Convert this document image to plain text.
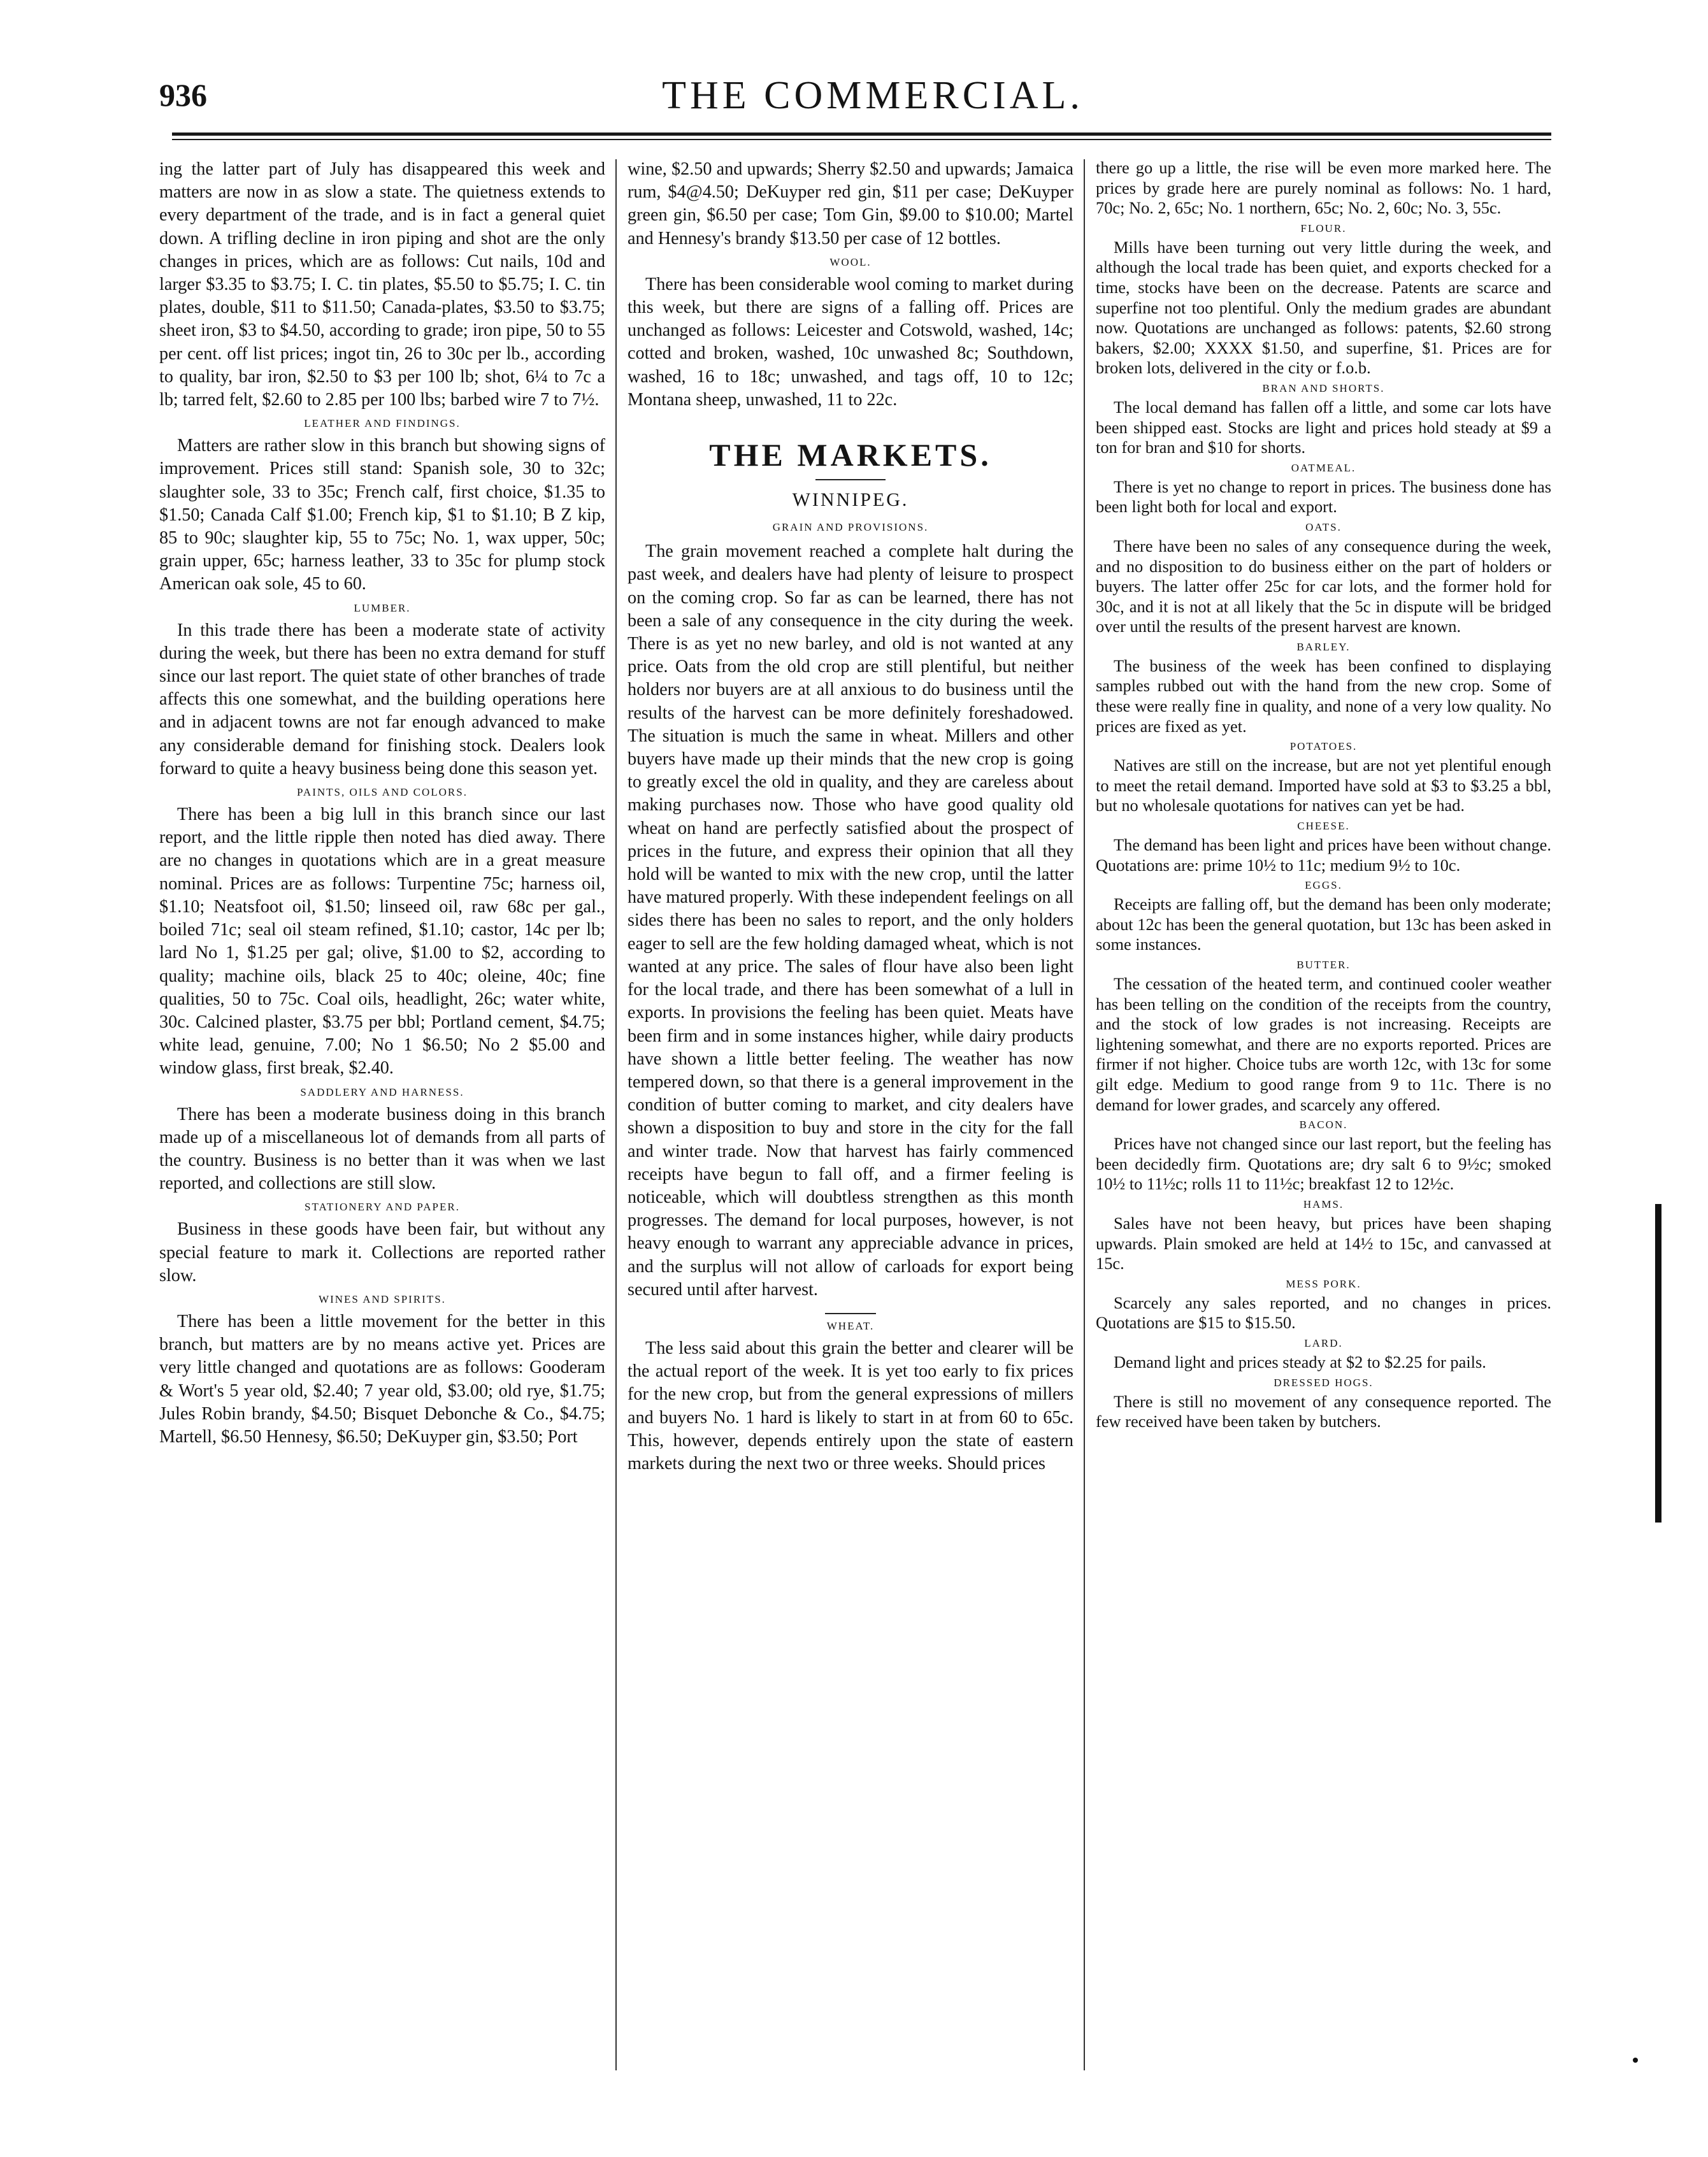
936	THE COMMERCIAL.

ing the latter part of July has disappeared this week and matters are now in as slow a state. The quietness extends to every department of the trade, and is in fact a general quiet down. A trifling decline in iron piping and shot are the only changes in prices, which are as follows: Cut nails, 10d and larger $3.35 to $3.75; I. C. tin plates, $5.50 to $5.75; I. C. tin plates, double, $11 to $11.50; Canada-plates, $3.50 to $3.75; sheet iron, $3 to $4.50, according to grade; iron pipe, 50 to 55 per cent. off list prices; ingot tin, 26 to 30c per lb., according to quality, bar iron, $2.50 to $3 per 100 lb; shot, 6¼ to 7c a lb; tarred felt, $2.60 to 2.85 per 100 lbs; barbed wire 7 to 7½.

LEATHER AND FINDINGS.

Matters are rather slow in this branch but showing signs of improvement. Prices still stand: Spanish sole, 30 to 32c; slaughter sole, 33 to 35c; French calf, first choice, $1.35 to $1.50; Canada Calf $1.00; French kip, $1 to $1.10; B Z kip, 85 to 90c; slaughter kip, 55 to 75c; No. 1, wax upper, 50c; grain upper, 65c; harness leather, 33 to 35c for plump stock American oak sole, 45 to 60.

LUMBER.

In this trade there has been a moderate state of activity during the week, but there has been no extra demand for stuff since our last report. The quiet state of other branches of trade affects this one somewhat, and the building operations here and in adjacent towns are not far enough advanced to make any considerable demand for finishing stock. Dealers look forward to quite a heavy business being done this season yet.

PAINTS, OILS AND COLORS.

There has been a big lull in this branch since our last report, and the little ripple then noted has died away. There are no changes in quotations which are in a great measure nominal. Prices are as follows: Turpentine 75c; harness oil, $1.10; Neatsfoot oil, $1.50; linseed oil, raw 68c per gal., boiled 71c; seal oil steam refined, $1.10; castor, 14c per lb; lard No 1, $1.25 per gal; olive, $1.00 to $2, according to quality; machine oils, black 25 to 40c; oleine, 40c; fine qualities, 50 to 75c. Coal oils, headlight, 26c; water white, 30c. Calcined plaster, $3.75 per bbl; Portland cement, $4.75; white lead, genuine, 7.00; No 1 $6.50; No 2 $5.00 and window glass, first break, $2.40.

SADDLERY AND HARNESS.

There has been a moderate business doing in this branch made up of a miscellaneous lot of demands from all parts of the country. Business is no better than it was when we last reported, and collections are still slow.

STATIONERY AND PAPER.

Business in these goods have been fair, but without any special feature to mark it. Collections are reported rather slow.

WINES AND SPIRITS.

There has been a little movement for the better in this branch, but matters are by no means active yet. Prices are very little changed and quotations are as follows: Gooderam & Wort's 5 year old, $2.40; 7 year old, $3.00; old rye, $1.75; Jules Robin brandy, $4.50; Bisquet Debonche & Co., $4.75; Martell, $6.50 Hennesy, $6.50; DeKuyper gin, $3.50; Port

wine, $2.50 and upwards; Sherry $2.50 and upwards; Jamaica rum, $4@4.50; DeKuyper red gin, $11 per case; DeKuyper green gin, $6.50 per case; Tom Gin, $9.00 to $10.00; Martel and Hennesy's brandy $13.50 per case of 12 bottles.

WOOL.

There has been considerable wool coming to market during this week, but there are signs of a falling off. Prices are unchanged as follows: Leicester and Cotswold, washed, 14c; cotted and broken, washed, 10c unwashed 8c; Southdown, washed, 16 to 18c; unwashed, and tags off, 10 to 12c; Montana sheep, unwashed, 11 to 22c.

THE MARKETS.
WINNIPEG.
GRAIN AND PROVISIONS.

The grain movement reached a complete halt during the past week, and dealers have had plenty of leisure to prospect on the coming crop. So far as can be learned, there has not been a sale of any consequence in the city during the week. There is as yet no new barley, and old is not wanted at any price. Oats from the old crop are still plentiful, but neither holders nor buyers are at all anxious to do business until the results of the harvest can be more definitely foreshadowed. The situation is much the same in wheat. Millers and other buyers have made up their minds that the new crop is going to greatly excel the old in quality, and they are careless about making purchases now. Those who have good quality old wheat on hand are perfectly satisfied about the prospect of prices in the future, and express their opinion that all they hold will be wanted to mix with the new crop, until the latter have matured properly. With these independent feelings on all sides there has been no sales to report, and the only holders eager to sell are the few holding damaged wheat, which is not wanted at any price. The sales of flour have also been light for the local trade, and there has been somewhat of a lull in exports. In provisions the feeling has been quiet. Meats have been firm and in some instances higher, while dairy products have shown a little better feeling. The weather has now tempered down, so that there is a general improvement in the condition of butter coming to market, and city dealers have shown a disposition to buy and store in the city for the fall and winter trade. Now that harvest has fairly commenced receipts have begun to fall off, and a firmer feeling is noticeable, which will doubtless strengthen as this month progresses. The demand for local purposes, however, is not heavy enough to warrant any appreciable advance in prices, and the surplus will not allow of carloads for export being secured until after harvest.

WHEAT.

The less said about this grain the better and clearer will be the actual report of the week. It is yet too early to fix prices for the new crop, but from the general expressions of millers and buyers No. 1 hard is likely to start in at from 60 to 65c. This, however, depends entirely upon the state of eastern markets during the next two or three weeks. Should prices

there go up a little, the rise will be even more marked here. The prices by grade here are purely nominal as follows: No. 1 hard, 70c; No. 2, 65c; No. 1 northern, 65c; No. 2, 60c; No. 3, 55c.

FLOUR.

Mills have been turning out very little during the week, and although the local trade has been quiet, and exports checked for a time, stocks have been on the decrease. Patents are scarce and superfine not too plentiful. Only the medium grades are abundant now. Quotations are unchanged as follows: patents, $2.60 strong bakers, $2.00; XXXX $1.50, and superfine, $1. Prices are for broken lots, delivered in the city or f.o.b.

BRAN AND SHORTS.

The local demand has fallen off a little, and some car lots have been shipped east. Stocks are light and prices hold steady at $9 a ton for bran and $10 for shorts.

OATMEAL.

There is yet no change to report in prices. The business done has been light both for local and export.

OATS.

There have been no sales of any consequence during the week, and no disposition to do business either on the part of holders or buyers. The latter offer 25c for car lots, and the former hold for 30c, and it is not at all likely that the 5c in dispute will be bridged over until the results of the present harvest are known.

BARLEY.

The business of the week has been confined to displaying samples rubbed out with the hand from the new crop. Some of these were really fine in quality, and none of a very low quality. No prices are fixed as yet.

POTATOES.

Natives are still on the increase, but are not yet plentiful enough to meet the retail demand. Imported have sold at $3 to $3.25 a bbl, but no wholesale quotations for natives can yet be had.

CHEESE.

The demand has been light and prices have been without change. Quotations are: prime 10½ to 11c; medium 9½ to 10c.

EGGS.

Receipts are falling off, but the demand has been only moderate; about 12c has been the general quotation, but 13c has been asked in some instances.

BUTTER.

The cessation of the heated term, and continued cooler weather has been telling on the condition of the receipts from the country, and the stock of low grades is not increasing. Receipts are lightening somewhat, and there are no exports reported. Prices are firmer if not higher. Choice tubs are worth 12c, with 13c for some gilt edge. Medium to good range from 9 to 11c. There is no demand for lower grades, and scarcely any offered.

BACON.

Prices have not changed since our last report, but the feeling has been decidedly firm. Quotations are; dry salt 6 to 9½c; smoked 10½ to 11½c; rolls 11 to 11½c; breakfast 12 to 12½c.

HAMS.

Sales have not been heavy, but prices have been shaping upwards. Plain smoked are held at 14½ to 15c, and canvassed at 15c.

MESS PORK.

Scarcely any sales reported, and no changes in prices. Quotations are $15 to $15.50.

LARD.

Demand light and prices steady at $2 to $2.25 for pails.

DRESSED HOGS.

There is still no movement of any consequence reported. The few received have been taken by butchers.
